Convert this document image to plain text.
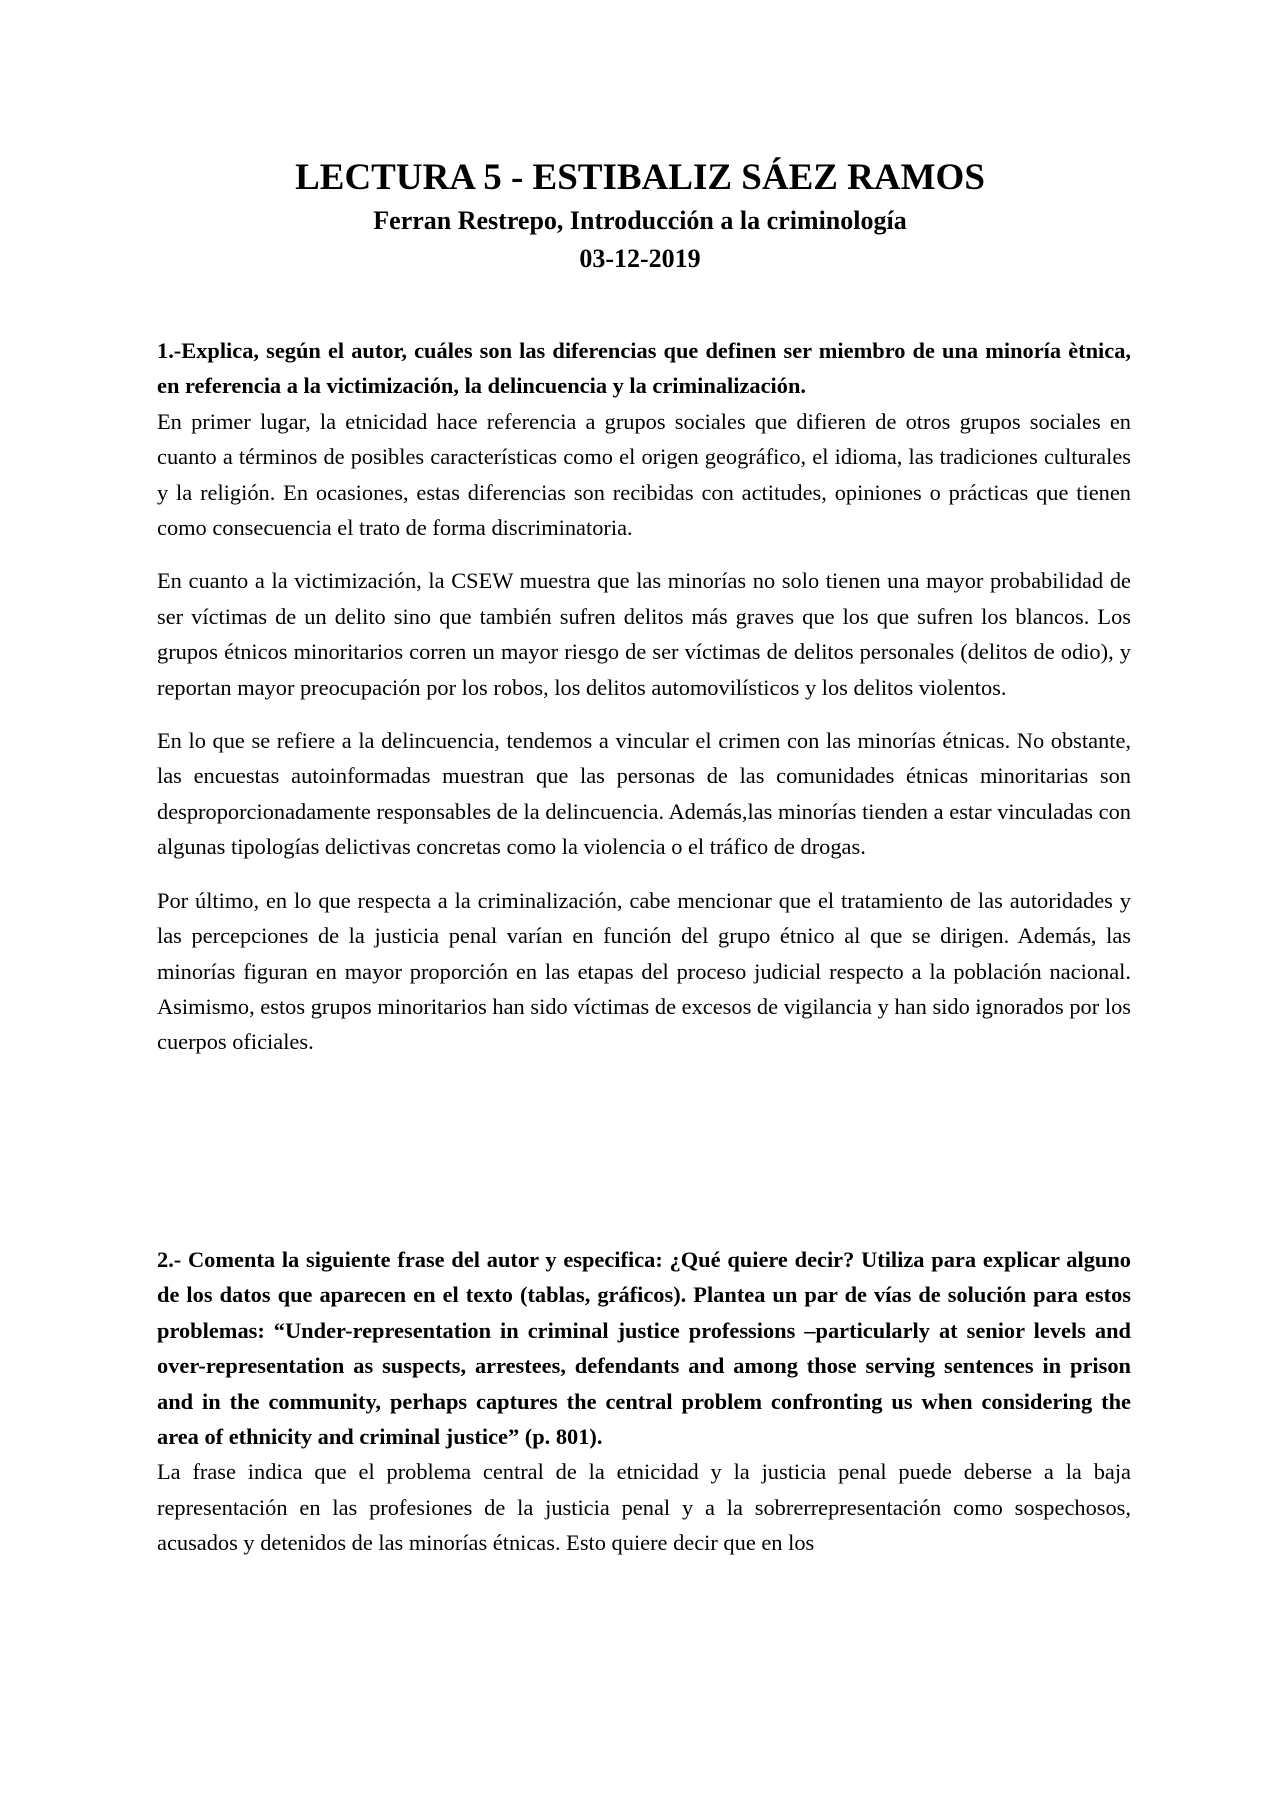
LECTURA 5 - ESTIBALIZ SÁEZ RAMOS
Ferran Restrepo, Introducción a la criminología
03-12-2019

1.-Explica, según el autor, cuáles son las diferencias que definen ser miembro de una minoría ètnica, en referencia a la victimización, la delincuencia y la criminalización.

En primer lugar, la etnicidad hace referencia a grupos sociales que difieren de otros grupos sociales en cuanto a términos de posibles características como el origen geográfico, el idioma, las tradiciones culturales y la religión. En ocasiones, estas diferencias son recibidas con actitudes, opiniones o prácticas que tienen como consecuencia el trato de forma discriminatoria.

En cuanto a la victimización, la CSEW muestra que las minorías no solo tienen una mayor probabilidad de ser víctimas de un delito sino que también sufren delitos más graves que los que sufren los blancos. Los grupos étnicos minoritarios corren un mayor riesgo de ser víctimas de delitos personales (delitos de odio), y reportan mayor preocupación por los robos, los delitos automovilísticos y los delitos violentos.

En lo que se refiere a la delincuencia, tendemos a vincular el crimen con las minorías étnicas. No obstante, las encuestas autoinformadas muestran que las personas de las comunidades étnicas minoritarias son desproporcionadamente responsables de la delincuencia. Además,las minorías tienden a estar vinculadas con algunas tipologías delictivas concretas como la violencia o el tráfico de drogas.

Por último, en lo que respecta a la criminalización, cabe mencionar que el tratamiento de las autoridades y las percepciones de la justicia penal varían en función del grupo étnico al que se dirigen. Además, las minorías figuran en mayor proporción en las etapas del proceso judicial respecto a la población nacional. Asimismo, estos grupos minoritarios han sido víctimas de excesos de vigilancia y han sido ignorados por los cuerpos oficiales.

2.- Comenta la siguiente frase del autor y especifica: ¿Qué quiere decir? Utiliza para explicar alguno de los datos que aparecen en el texto (tablas, gráficos). Plantea un par de vías de solución para estos problemas: “Under-representation in criminal justice professions –particularly at senior levels and over-representation as suspects, arrestees, defendants and among those serving sentences in prison and in the community, perhaps captures the central problem confronting us when considering the area of ethnicity and criminal justice” (p. 801).

La frase indica que el problema central de la etnicidad y la justicia penal puede deberse a la baja representación en las profesiones de la justicia penal y a la sobrerrepresentación como sospechosos, acusados y detenidos de las minorías étnicas. Esto quiere decir que en los
